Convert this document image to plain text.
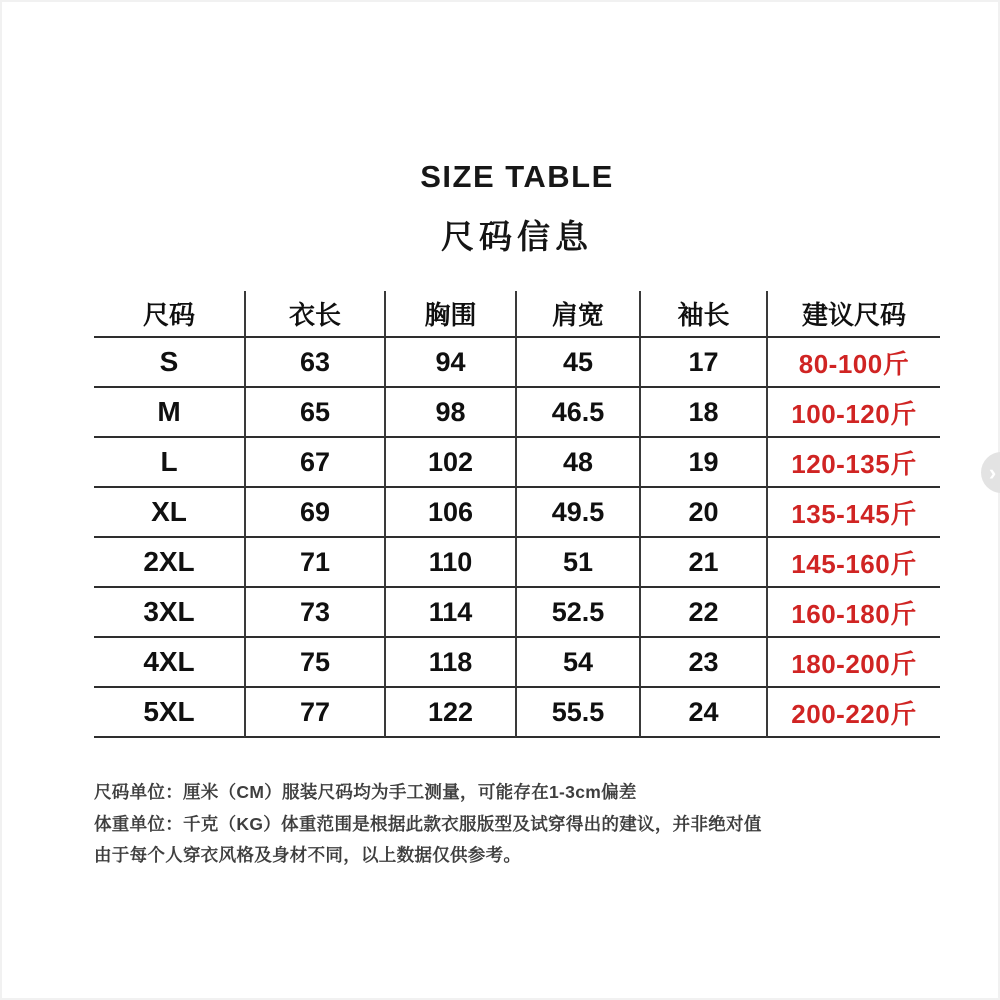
SIZE TABLE
尺码信息
尺码	衣长	胸围	肩宽	袖长	建议尺码
S	63	94	45	17	80-100斤
M	65	98	46.5	18	100-120斤
L	67	102	48	19	120-135斤
XL	69	106	49.5	20	135-145斤
2XL	71	110	51	21	145-160斤
3XL	73	114	52.5	22	160-180斤
4XL	75	118	54	23	180-200斤
5XL	77	122	55.5	24	200-220斤
尺码单位：厘米（CM）服装尺码均为手工测量，可能存在1-3cm偏差
体重单位：千克（KG）体重范围是根据此款衣服版型及试穿得出的建议，并非绝对值
由于每个人穿衣风格及身材不同，以上数据仅供参考。
›
